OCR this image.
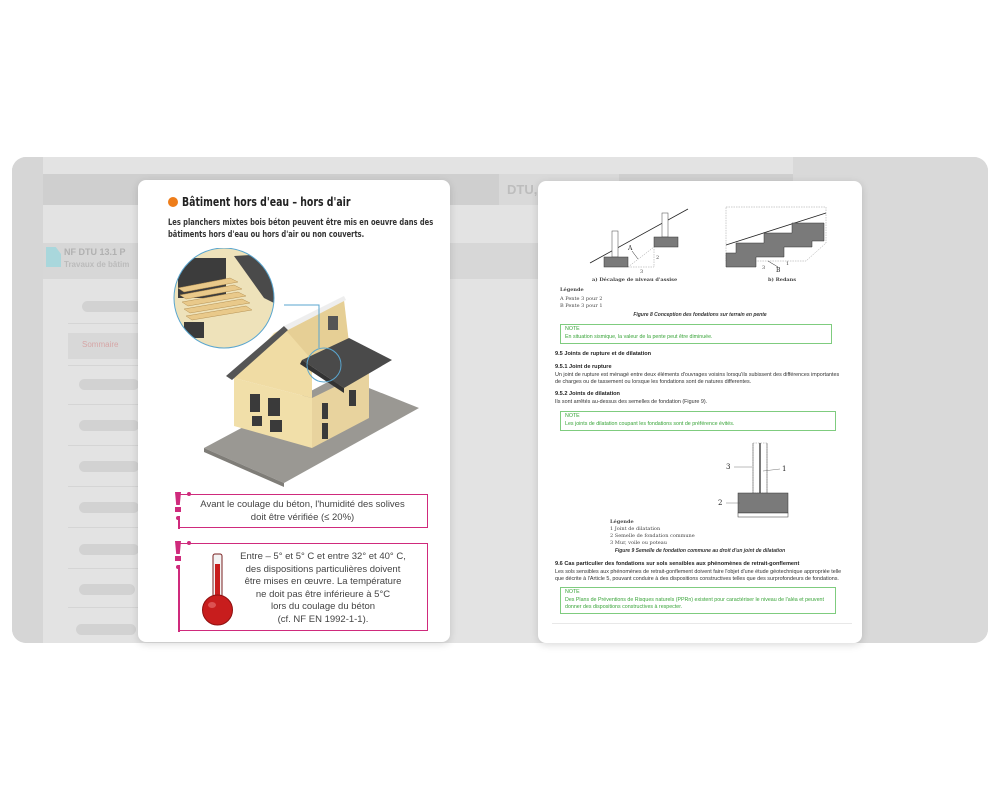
DTU,
NF DTU 13.1 P
Travaux de bâtim
Sommaire
Bâtiment hors d'eau – hors d'air
Les planchers mixtes bois béton peuvent être mis en oeuvre dans des bâtiments hors d'eau ou hors d'air ou non couverts.
Avant le coulage du béton, l'humidité des solives
doit être vérifiée (≤ 20%)
Entre – 5° et 5° C et entre 32° et 40° C,
des dispositions particulières doivent
être mises en œuvre. La température
ne doit pas être inférieure à 5°C
lors du coulage du béton
(cf. NF EN 1992-1-1).
A
2
3
a) Décalage de niveau d'assise
B
1
3
b) Redans
Légende
A Pente 3 pour 2
B Pente 3 pour 1
Figure 8 Conception des fondations sur terrain en pente
NOTE
En situation sismique, la valeur de la pente peut être diminuée.
9.5 Joints de rupture et de dilatation
9.5.1 Joint de rupture
Un joint de rupture est ménagé entre deux éléments d'ouvrages voisins lorsqu'ils subissent des différences importantes de charges ou de tassement ou lorsque les fondations sont de natures differentes.
9.5.2 Joints de dilatation
Ils sont arrêtés au-dessus des semelles de fondation (Figure 9).
NOTE
Les joints de dilatation coupant les fondations sont de préférence évités.
3	1
2
Légende
1 Joint de dilatation
2 Semelle de fondation commune
3 Mur, voile ou poteau
Figure 9 Semelle de fondation commune au droit d'un joint de dilatation
9.6 Cas particulier des fondations sur sols sensibles aux phénomènes de retrait-gonflement
Les sols sensibles aux phénomènes de retrait-gonflement doivent faire l'objet d'une étude géotechnique appropriée telle que décrite à l'Article 5, pouvant conduire à des dispositions constructives telles que des surprofondeurs de fondations.
NOTE
Des Plans de Préventions de Risques naturels (PPRn) existent pour caractériser le niveau de l'aléa et peuvent donner des dispositions constructives à respecter.
